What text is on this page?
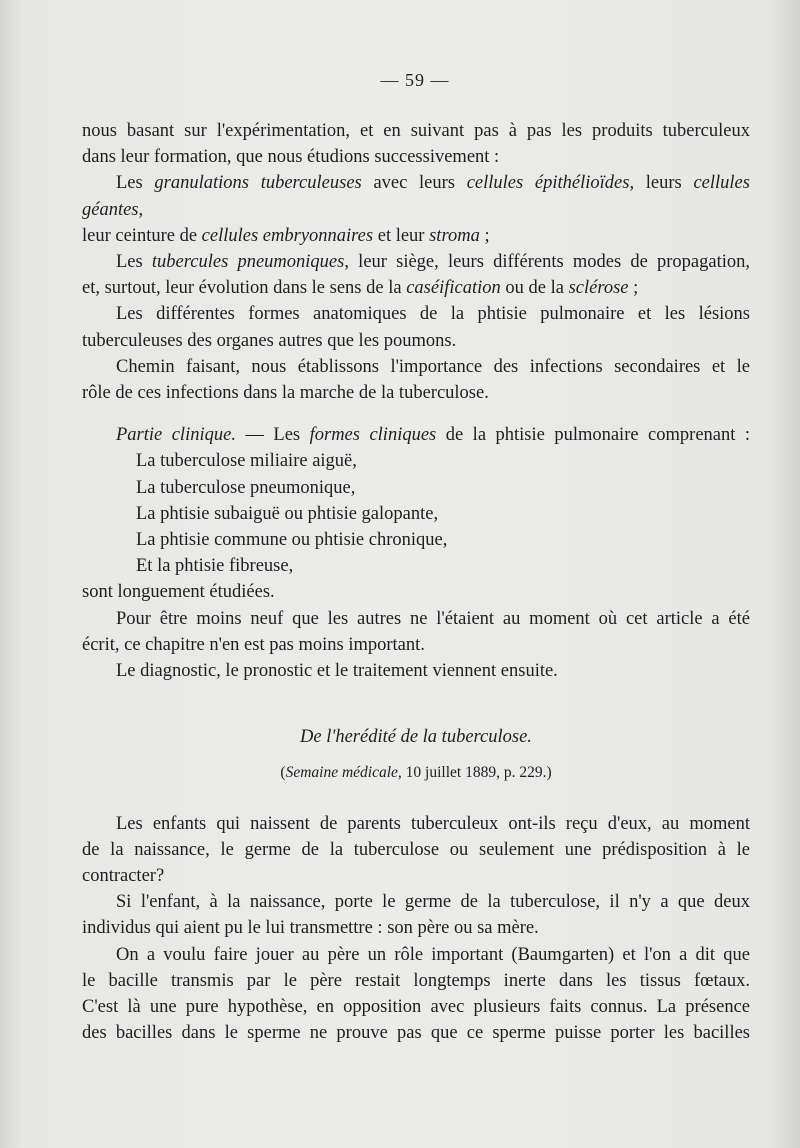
— 59 —

nous basant sur l'expérimentation, et en suivant pas à pas les produits tuberculeux

dans leur formation, que nous étudions successivement :

Les granulations tuberculeuses avec leurs cellules épithélioïdes, leurs cellules géantes,

leur ceinture de cellules embryonnaires et leur stroma ;

Les tubercules pneumoniques, leur siège, leurs différents modes de propagation,

et, surtout, leur évolution dans le sens de la caséification ou de la sclérose ;

Les différentes formes anatomiques de la phtisie pulmonaire et les lésions

tuberculeuses des organes autres que les poumons.

Chemin faisant, nous établissons l'importance des infections secondaires et le

rôle de ces infections dans la marche de la tuberculose.

Partie clinique. — Les formes cliniques de la phtisie pulmonaire comprenant :

La tuberculose miliaire aiguë,

La tuberculose pneumonique,

La phtisie subaiguë ou phtisie galopante,

La phtisie commune ou phtisie chronique,

Et la phtisie fibreuse,

sont longuement étudiées.

Pour être moins neuf que les autres ne l'étaient au moment où cet article a été

écrit, ce chapitre n'en est pas moins important.

Le diagnostic, le pronostic et le traitement viennent ensuite.

De l'herédité de la tuberculose.

(Semaine médicale, 10 juillet 1889, p. 229.)

Les enfants qui naissent de parents tuberculeux ont-ils reçu d'eux, au moment

de la naissance, le germe de la tuberculose ou seulement une prédisposition à le

contracter?

Si l'enfant, à la naissance, porte le germe de la tuberculose, il n'y a que deux

individus qui aient pu le lui transmettre : son père ou sa mère.

On a voulu faire jouer au père un rôle important (Baumgarten) et l'on a dit que

le bacille transmis par le père restait longtemps inerte dans les tissus fœtaux.

C'est là une pure hypothèse, en opposition avec plusieurs faits connus. La présence

des bacilles dans le sperme ne prouve pas que ce sperme puisse porter les bacilles
